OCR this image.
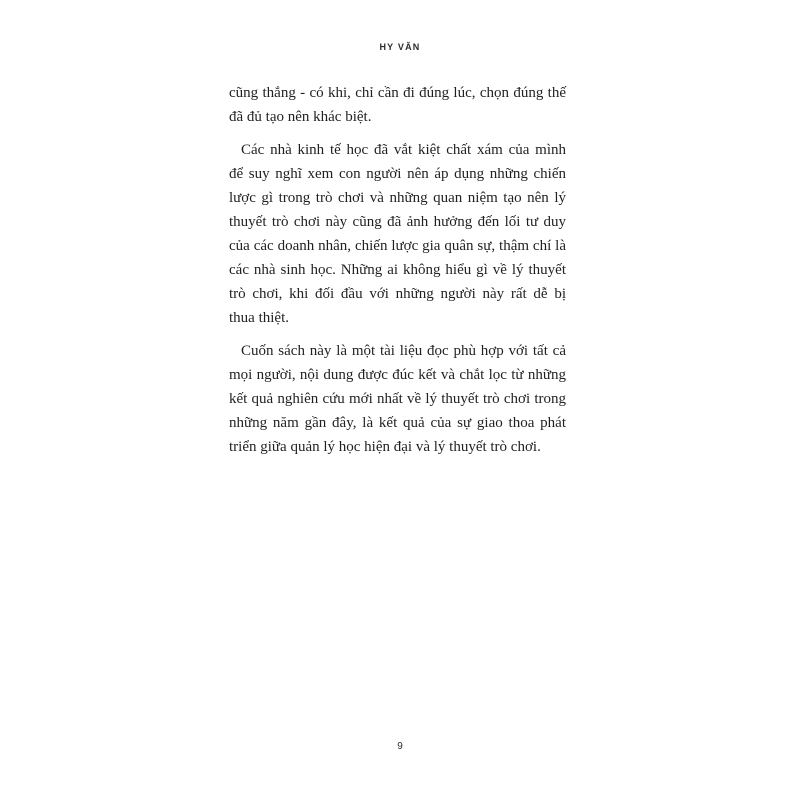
HY VĂN
cũng thắng - có khi, chỉ cần đi đúng lúc, chọn đúng thế
đã đủ tạo nên khác biệt.
Các nhà kinh tế học đã vắt kiệt chất xám của mình
để suy nghĩ xem con người nên áp dụng những chiến
lược gì trong trò chơi và những quan niệm tạo nên lý
thuyết trò chơi này cũng đã ảnh hưởng đến lối tư duy
của các doanh nhân, chiến lược gia quân sự, thậm chí là
các nhà sinh học. Những ai không hiểu gì về lý thuyết
trò chơi, khi đối đầu với những người này rất dễ bị
thua thiệt.
Cuốn sách này là một tài liệu đọc phù hợp với tất cả
mọi người, nội dung được đúc kết và chắt lọc từ những
kết quả nghiên cứu mới nhất về lý thuyết trò chơi trong
những năm gần đây, là kết quả của sự giao thoa phát
triển giữa quản lý học hiện đại và lý thuyết trò chơi.
9
